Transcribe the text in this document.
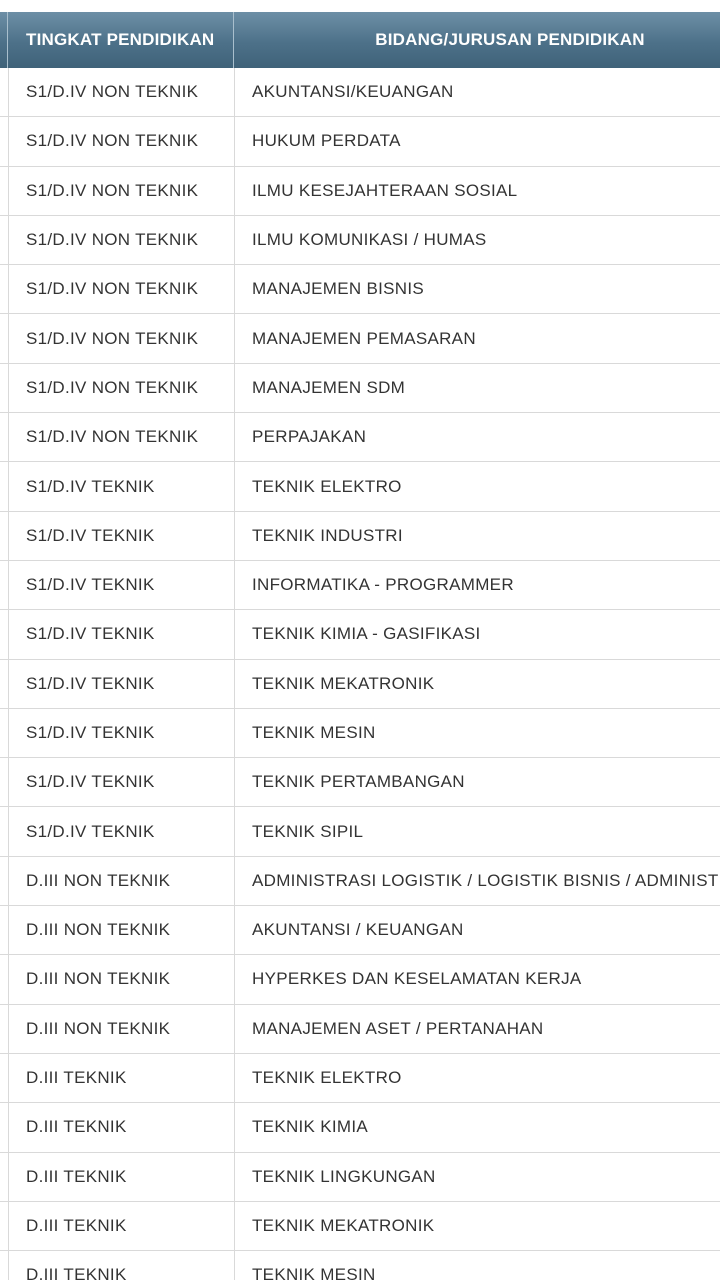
TINGKAT PENDIDIKAN	BIDANG/JURUSAN PENDIDIKAN
S1/D.IV NON TEKNIK	AKUNTANSI/KEUANGAN
S1/D.IV NON TEKNIK	HUKUM PERDATA
S1/D.IV NON TEKNIK	ILMU KESEJAHTERAAN SOSIAL
S1/D.IV NON TEKNIK	ILMU KOMUNIKASI / HUMAS
S1/D.IV NON TEKNIK	MANAJEMEN BISNIS
S1/D.IV NON TEKNIK	MANAJEMEN PEMASARAN
S1/D.IV NON TEKNIK	MANAJEMEN SDM
S1/D.IV NON TEKNIK	PERPAJAKAN
S1/D.IV TEKNIK	TEKNIK ELEKTRO
S1/D.IV TEKNIK	TEKNIK INDUSTRI
S1/D.IV TEKNIK	INFORMATIKA - PROGRAMMER
S1/D.IV TEKNIK	TEKNIK KIMIA - GASIFIKASI
S1/D.IV TEKNIK	TEKNIK MEKATRONIK
S1/D.IV TEKNIK	TEKNIK MESIN
S1/D.IV TEKNIK	TEKNIK PERTAMBANGAN
S1/D.IV TEKNIK	TEKNIK SIPIL
D.III NON TEKNIK	ADMINISTRASI LOGISTIK / LOGISTIK BISNIS / ADMINIST
D.III NON TEKNIK	AKUNTANSI / KEUANGAN
D.III NON TEKNIK	HYPERKES DAN KESELAMATAN KERJA
D.III NON TEKNIK	MANAJEMEN ASET / PERTANAHAN
D.III TEKNIK	TEKNIK ELEKTRO
D.III TEKNIK	TEKNIK KIMIA
D.III TEKNIK	TEKNIK LINGKUNGAN
D.III TEKNIK	TEKNIK MEKATRONIK
D.III TEKNIK	TEKNIK MESIN
